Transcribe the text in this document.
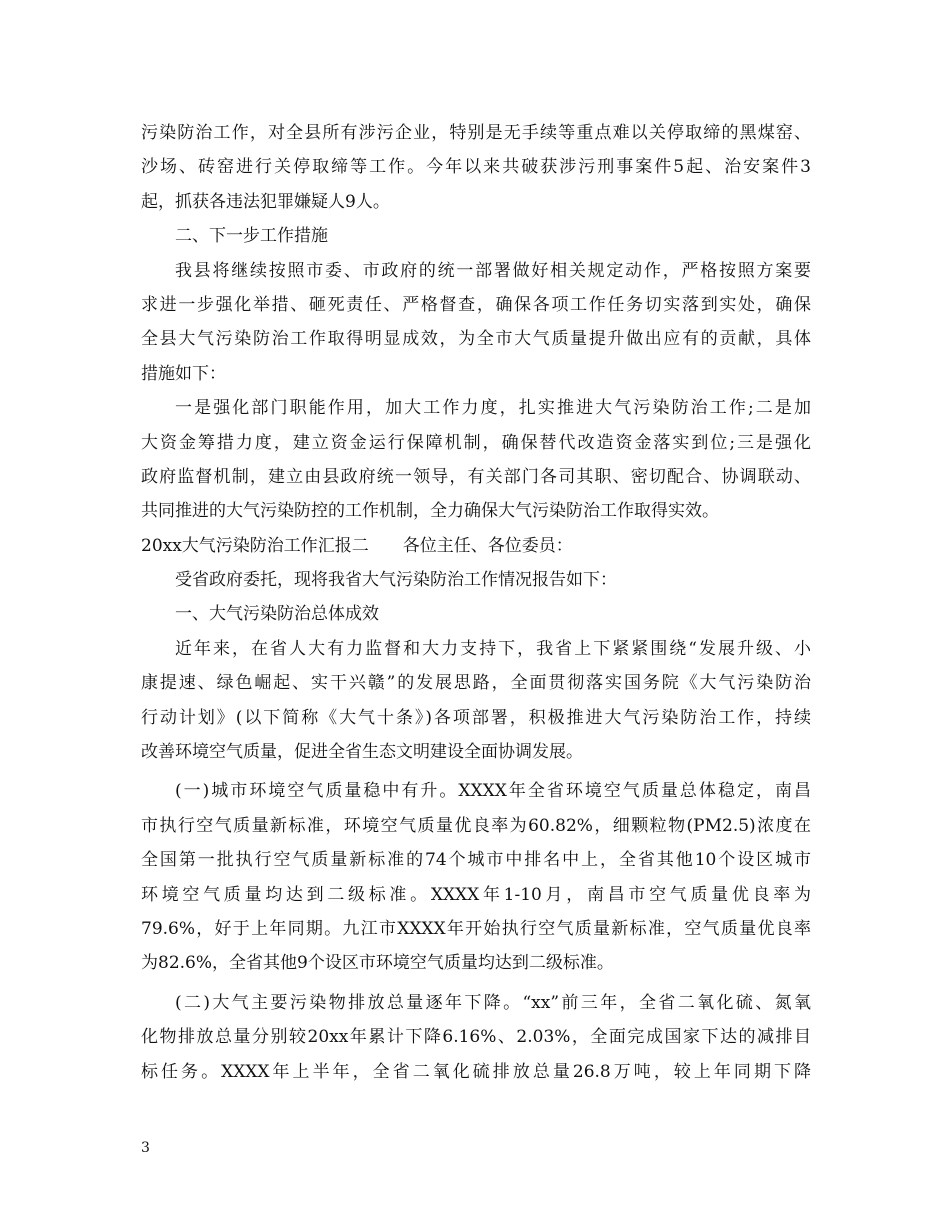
污染防治工作，对全县所有涉污企业，特别是无手续等重点难以关停取缔的黑煤窑、
沙场、砖窑进行关停取缔等工作。今年以来共破获涉污刑事案件5起、治安案件3
起，抓获各违法犯罪嫌疑人9人。
二、下一步工作措施
我县将继续按照市委、市政府的统一部署做好相关规定动作，严格按照方案要
求进一步强化举措、砸死责任、严格督查，确保各项工作任务切实落到实处，确保
全县大气污染防治工作取得明显成效，为全市大气质量提升做出应有的贡献，具体
措施如下：
一是强化部门职能作用，加大工作力度，扎实推进大气污染防治工作;二是加
大资金筹措力度，建立资金运行保障机制，确保替代改造资金落实到位;三是强化
政府监督机制，建立由县政府统一领导，有关部门各司其职、密切配合、协调联动、
共同推进的大气污染防控的工作机制，全力确保大气污染防治工作取得实效。
20xx大气污染防治工作汇报二　　各位主任、各位委员：
受省政府委托，现将我省大气污染防治工作情况报告如下：
一、大气污染防治总体成效
近年来，在省人大有力监督和大力支持下，我省上下紧紧围绕“发展升级、小
康提速、绿色崛起、实干兴赣”的发展思路，全面贯彻落实国务院《大气污染防治
行动计划》(以下简称《大气十条》)各项部署，积极推进大气污染防治工作，持续
改善环境空气质量，促进全省生态文明建设全面协调发展。
(一)城市环境空气质量稳中有升。XXXX年全省环境空气质量总体稳定，南昌
市执行空气质量新标准，环境空气质量优良率为60.82%，细颗粒物(PM2.5)浓度在
全国第一批执行空气质量新标准的74个城市中排名中上，全省其他10个设区城市
环境空气质量均达到二级标准。XXXX年1-10月，南昌市空气质量优良率为
79.6%，好于上年同期。九江市XXXX年开始执行空气质量新标准，空气质量优良率
为82.6%，全省其他9个设区市环境空气质量均达到二级标准。
(二)大气主要污染物排放总量逐年下降。“xx”前三年，全省二氧化硫、氮氧
化物排放总量分别较20xx年累计下降6.16%、2.03%，全面完成国家下达的减排目
标任务。XXXX年上半年，全省二氧化硫排放总量26.8万吨，较上年同期下降
3
